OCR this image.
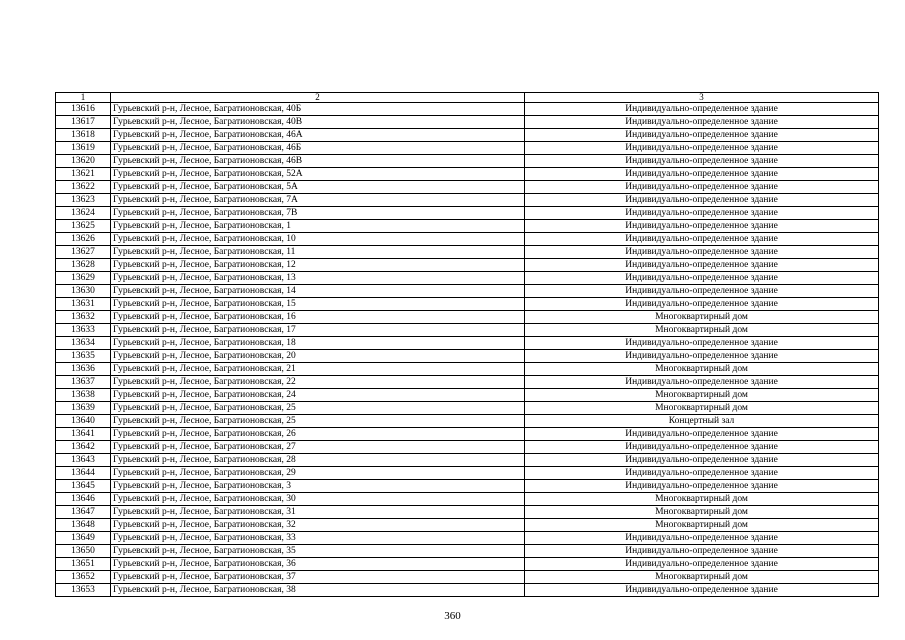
1	2	3
13616	Гурьевский р-н, Лесное, Багратионовская, 40Б	Индивидуально-определенное здание
13617	Гурьевский р-н, Лесное, Багратионовская, 40В	Индивидуально-определенное здание
13618	Гурьевский р-н, Лесное, Багратионовская, 46А	Индивидуально-определенное здание
13619	Гурьевский р-н, Лесное, Багратионовская, 46Б	Индивидуально-определенное здание
13620	Гурьевский р-н, Лесное, Багратионовская, 46В	Индивидуально-определенное здание
13621	Гурьевский р-н, Лесное, Багратионовская, 52А	Индивидуально-определенное здание
13622	Гурьевский р-н, Лесное, Багратионовская, 5А	Индивидуально-определенное здание
13623	Гурьевский р-н, Лесное, Багратионовская, 7А	Индивидуально-определенное здание
13624	Гурьевский р-н, Лесное, Багратионовская, 7В	Индивидуально-определенное здание
13625	Гурьевский р-н, Лесное, Багратионовская, 1	Индивидуально-определенное здание
13626	Гурьевский р-н, Лесное, Багратионовская, 10	Индивидуально-определенное здание
13627	Гурьевский р-н, Лесное, Багратионовская, 11	Индивидуально-определенное здание
13628	Гурьевский р-н, Лесное, Багратионовская, 12	Индивидуально-определенное здание
13629	Гурьевский р-н, Лесное, Багратионовская, 13	Индивидуально-определенное здание
13630	Гурьевский р-н, Лесное, Багратионовская, 14	Индивидуально-определенное здание
13631	Гурьевский р-н, Лесное, Багратионовская, 15	Индивидуально-определенное здание
13632	Гурьевский р-н, Лесное, Багратионовская, 16	Многоквартирный дом
13633	Гурьевский р-н, Лесное, Багратионовская, 17	Многоквартирный дом
13634	Гурьевский р-н, Лесное, Багратионовская, 18	Индивидуально-определенное здание
13635	Гурьевский р-н, Лесное, Багратионовская, 20	Индивидуально-определенное здание
13636	Гурьевский р-н, Лесное, Багратионовская, 21	Многоквартирный дом
13637	Гурьевский р-н, Лесное, Багратионовская, 22	Индивидуально-определенное здание
13638	Гурьевский р-н, Лесное, Багратионовская, 24	Многоквартирный дом
13639	Гурьевский р-н, Лесное, Багратионовская, 25	Многоквартирный дом
13640	Гурьевский р-н, Лесное, Багратионовская, 25	Концертный зал
13641	Гурьевский р-н, Лесное, Багратионовская, 26	Индивидуально-определенное здание
13642	Гурьевский р-н, Лесное, Багратионовская, 27	Индивидуально-определенное здание
13643	Гурьевский р-н, Лесное, Багратионовская, 28	Индивидуально-определенное здание
13644	Гурьевский р-н, Лесное, Багратионовская, 29	Индивидуально-определенное здание
13645	Гурьевский р-н, Лесное, Багратионовская, 3	Индивидуально-определенное здание
13646	Гурьевский р-н, Лесное, Багратионовская, 30	Многоквартирный дом
13647	Гурьевский р-н, Лесное, Багратионовская, 31	Многоквартирный дом
13648	Гурьевский р-н, Лесное, Багратионовская, 32	Многоквартирный дом
13649	Гурьевский р-н, Лесное, Багратионовская, 33	Индивидуально-определенное здание
13650	Гурьевский р-н, Лесное, Багратионовская, 35	Индивидуально-определенное здание
13651	Гурьевский р-н, Лесное, Багратионовская, 36	Индивидуально-определенное здание
13652	Гурьевский р-н, Лесное, Багратионовская, 37	Многоквартирный дом
13653	Гурьевский р-н, Лесное, Багратионовская, 38	Индивидуально-определенное здание
360
